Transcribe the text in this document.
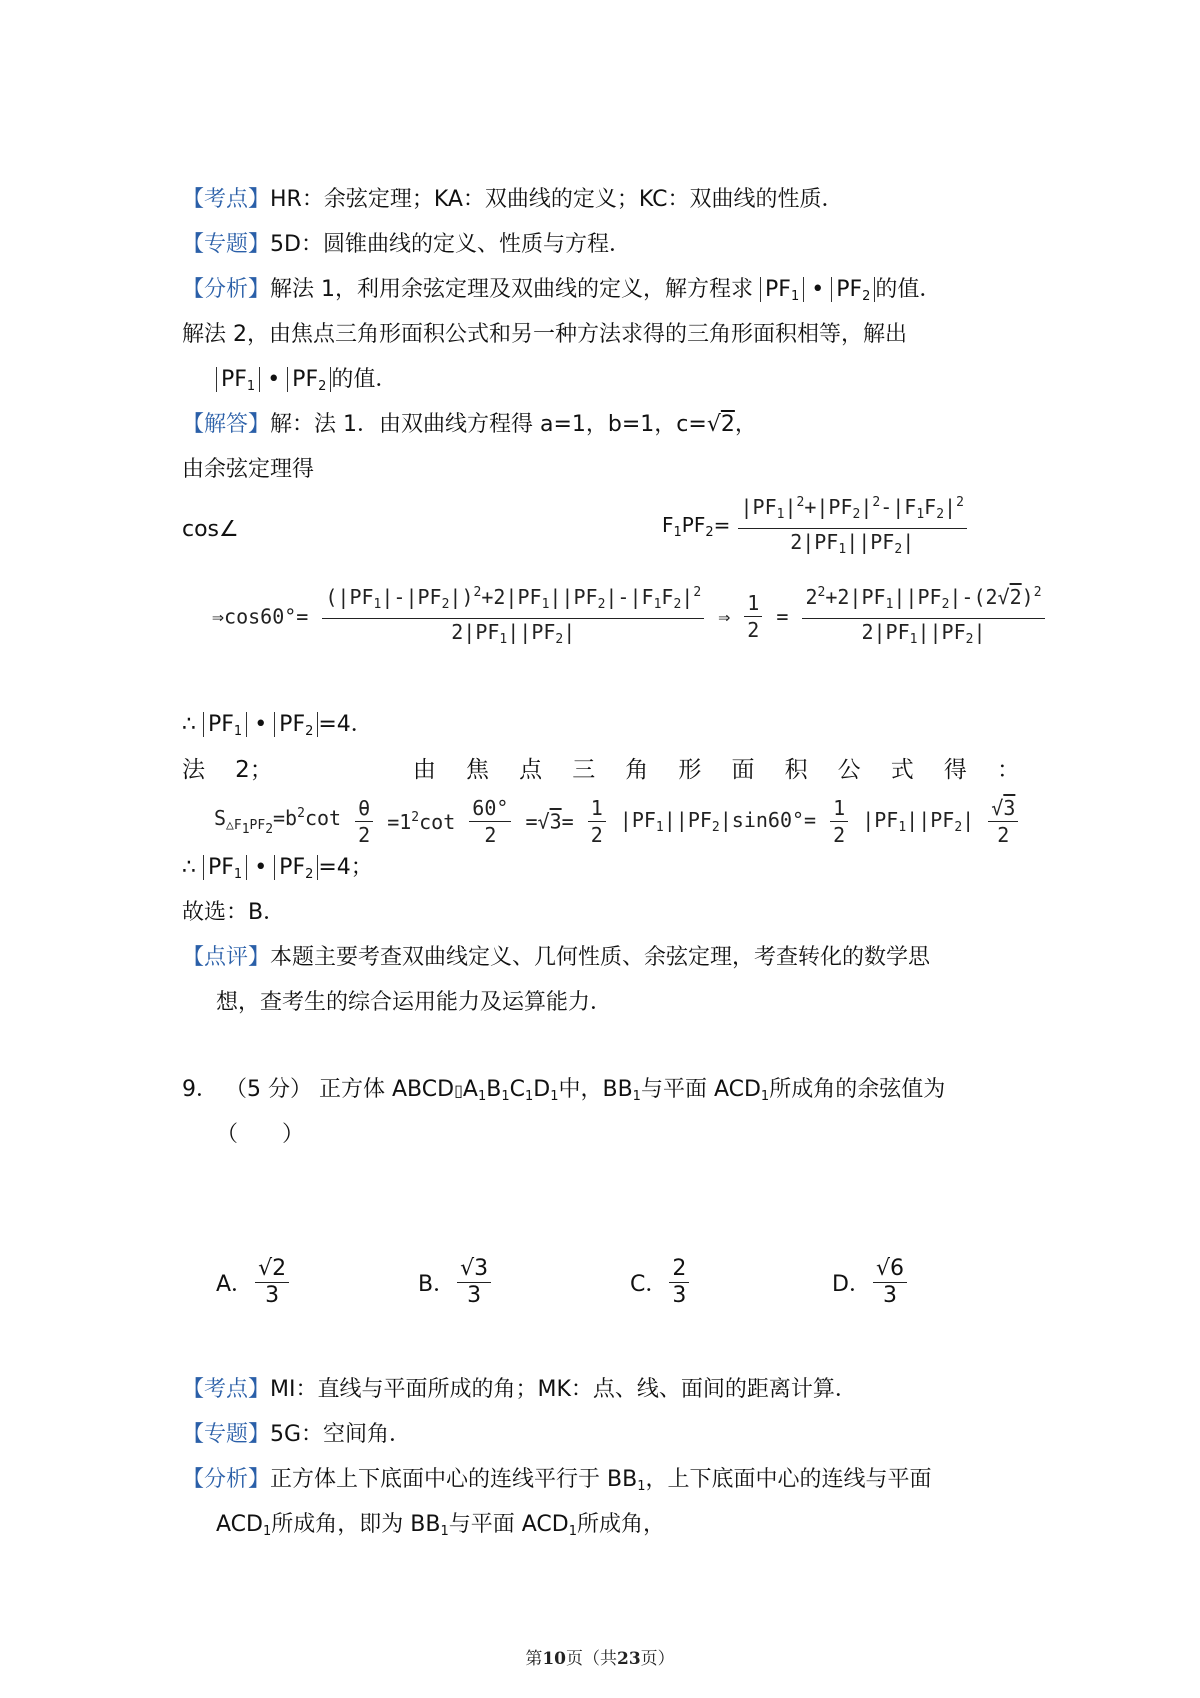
【考点】HR：余弦定理；KA：双曲线的定义；KC：双曲线的性质．
【专题】5D：圆锥曲线的定义、性质与方程．
【分析】解法 1，利用余弦定理及双曲线的定义，解方程求 $PF_1$ • $PF_2$ 的值．
解法 2，由焦点三角形面积公式和另一种方法求得的三角形面积相等，解出
$PF_1$ • $PF_2$ 的值．
【解答】解：法 1．由双曲线方程得 a=1，b=1，c=√2，
由余弦定理得
cos∠	$F_1PF_2= \frac{|PF_1|^2+|PF_2|^2-|F_1F_2|^2}{2|PF_1||PF_2|}$
⇒cos60°= $\frac{(|PF_1|-|PF_2|)^2+2|PF_1||PF_2|-|F_1F_2|^2}{2|PF_1||PF_2|}$ ⇒ $\frac{1}{2} = \frac{2^2+2|PF_1||PF_2|-(2√2)^2}{2|PF_1||PF_2|}$
∴ $PF_1$ • $PF_2 =4$．
法 2；	由 焦 点 三 角 形 面 积 公 式 得 ：
$S_{\triangle F_1PF_2}=b^2\cot \frac{\theta}{2} =1^2\cot \frac{60^\circ}{2} =√3= \frac{1}{2} |PF_1||PF_2|\sin 60^\circ= \frac{1}{2} |PF_1||PF_2| \frac{√3}{2}$
∴ $PF_1$ • $PF_2 =4$；
故选：B．
【点评】本题主要考查双曲线定义、几何性质、余弦定理，考查转化的数学思
想，查考生的综合运用能力及运算能力．
9． （5 分） 正方体 $ABCD▯A_1B_1C_1D_1$中，$BB_1$与平面 $ACD_1$所成角的余弦值为
（　　）
A． $\frac{√2}{3}$	B． $\frac{√3}{3}$	C． $\frac{2}{3}$	D． $\frac{√6}{3}$
【考点】MI：直线与平面所成的角；MK：点、线、面间的距离计算．
【专题】5G：空间角．
【分析】正方体上下底面中心的连线平行于 $BB_1$，上下底面中心的连线与平面
$ACD_1$所成角，即为 $BB_1$与平面 $ACD_1$所成角，
第10页（共23页）
